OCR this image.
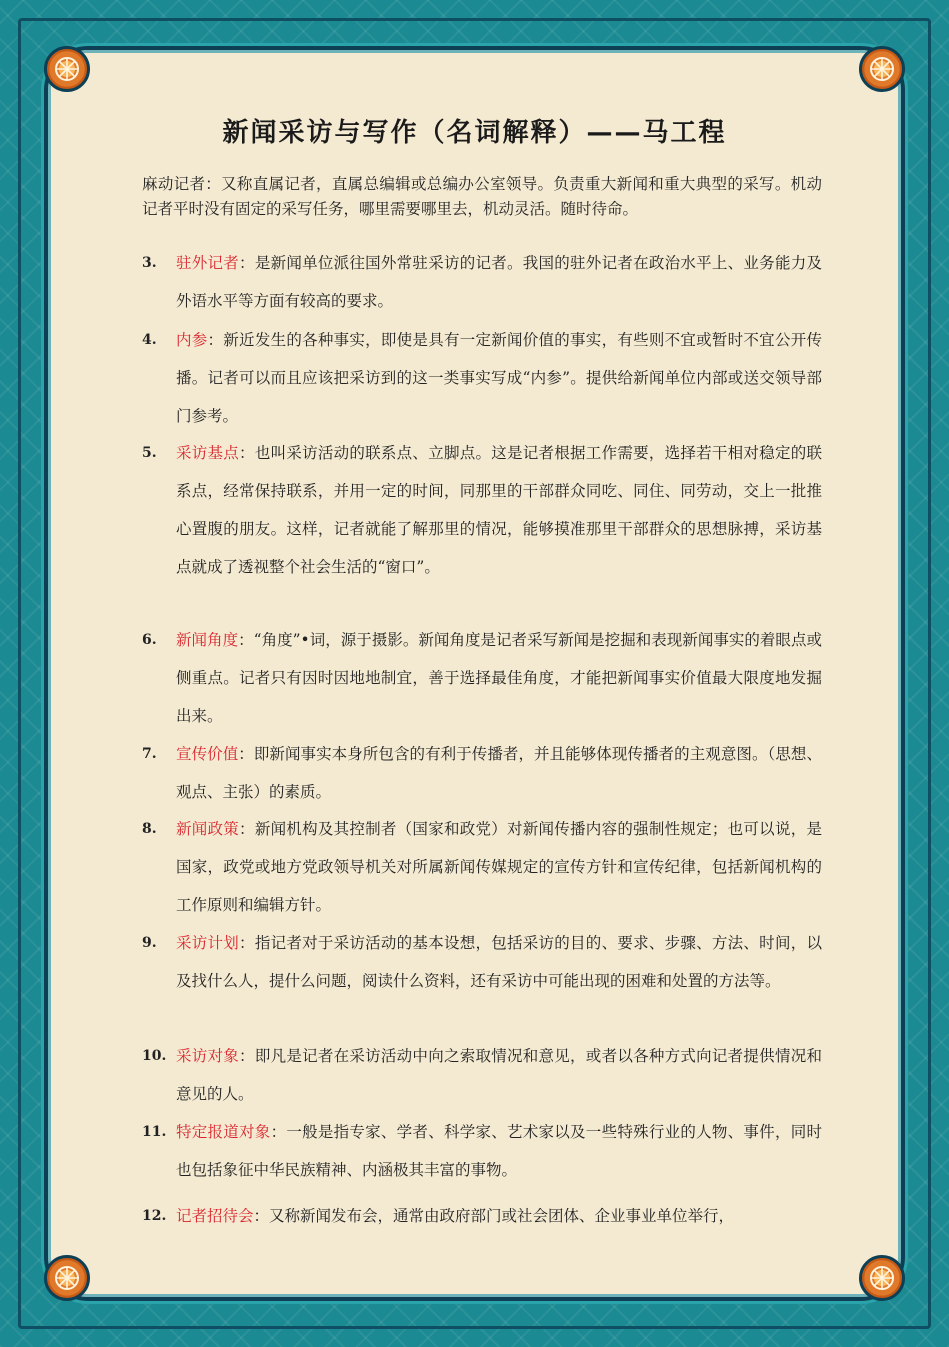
新闻采访与写作（名词解释）——马工程

麻动记者：又称直属记者，直属总编辑或总编办公室领导。负责重大新闻和重大典型的采写。机动记者平时没有固定的采写任务，哪里需要哪里去，机动灵活。随时待命。

3.	驻外记者：是新闻单位派往国外常驻采访的记者。我国的驻外记者在政治水平上、业务能力及外语水平等方面有较高的要求。
4.	内参：新近发生的各种事实，即使是具有一定新闻价值的事实，有些则不宜或暂时不宜公开传播。记者可以而且应该把采访到的这一类事实写成“内参”。提供给新闻单位内部或送交领导部门参考。
5.	采访基点：也叫采访活动的联系点、立脚点。这是记者根据工作需要，选择若干相对稳定的联系点，经常保持联系，并用一定的时间，同那里的干部群众同吃、同住、同劳动，交上一批推心置腹的朋友。这样，记者就能了解那里的情况，能够摸准那里干部群众的思想脉搏，采访基点就成了透视整个社会生活的“窗口”。
6.	新闻角度：“角度”•词，源于摄影。新闻角度是记者采写新闻是挖掘和表现新闻事实的着眼点或侧重点。记者只有因时因地地制宜，善于选择最佳角度，才能把新闻事实价值最大限度地发掘出来。
7.	宣传价值：即新闻事实本身所包含的有利于传播者，并且能够体现传播者的主观意图。（思想、观点、主张）的素质。
8.	新闻政策：新闻机构及其控制者（国家和政党）对新闻传播内容的强制性规定；也可以说，是国家，政党或地方党政领导机关对所属新闻传媒规定的宣传方针和宣传纪律，包括新闻机构的工作原则和编辑方针。
9.	采访计划：指记者对于采访活动的基本设想，包括采访的目的、要求、步骤、方法、时间，以及找什么人，提什么问题，阅读什么资料，还有采访中可能出现的困难和处置的方法等。
10. 采访对象：即凡是记者在采访活动中向之索取情况和意见，或者以各种方式向记者提供情况和意见的人。
11. 特定报道对象：一般是指专家、学者、科学家、艺术家以及一些特殊行业的人物、事件，同时也包括象征中华民族精神、内涵极其丰富的事物。
12. 记者招待会：又称新闻发布会，通常由政府部门或社会团体、企业事业单位举行，
